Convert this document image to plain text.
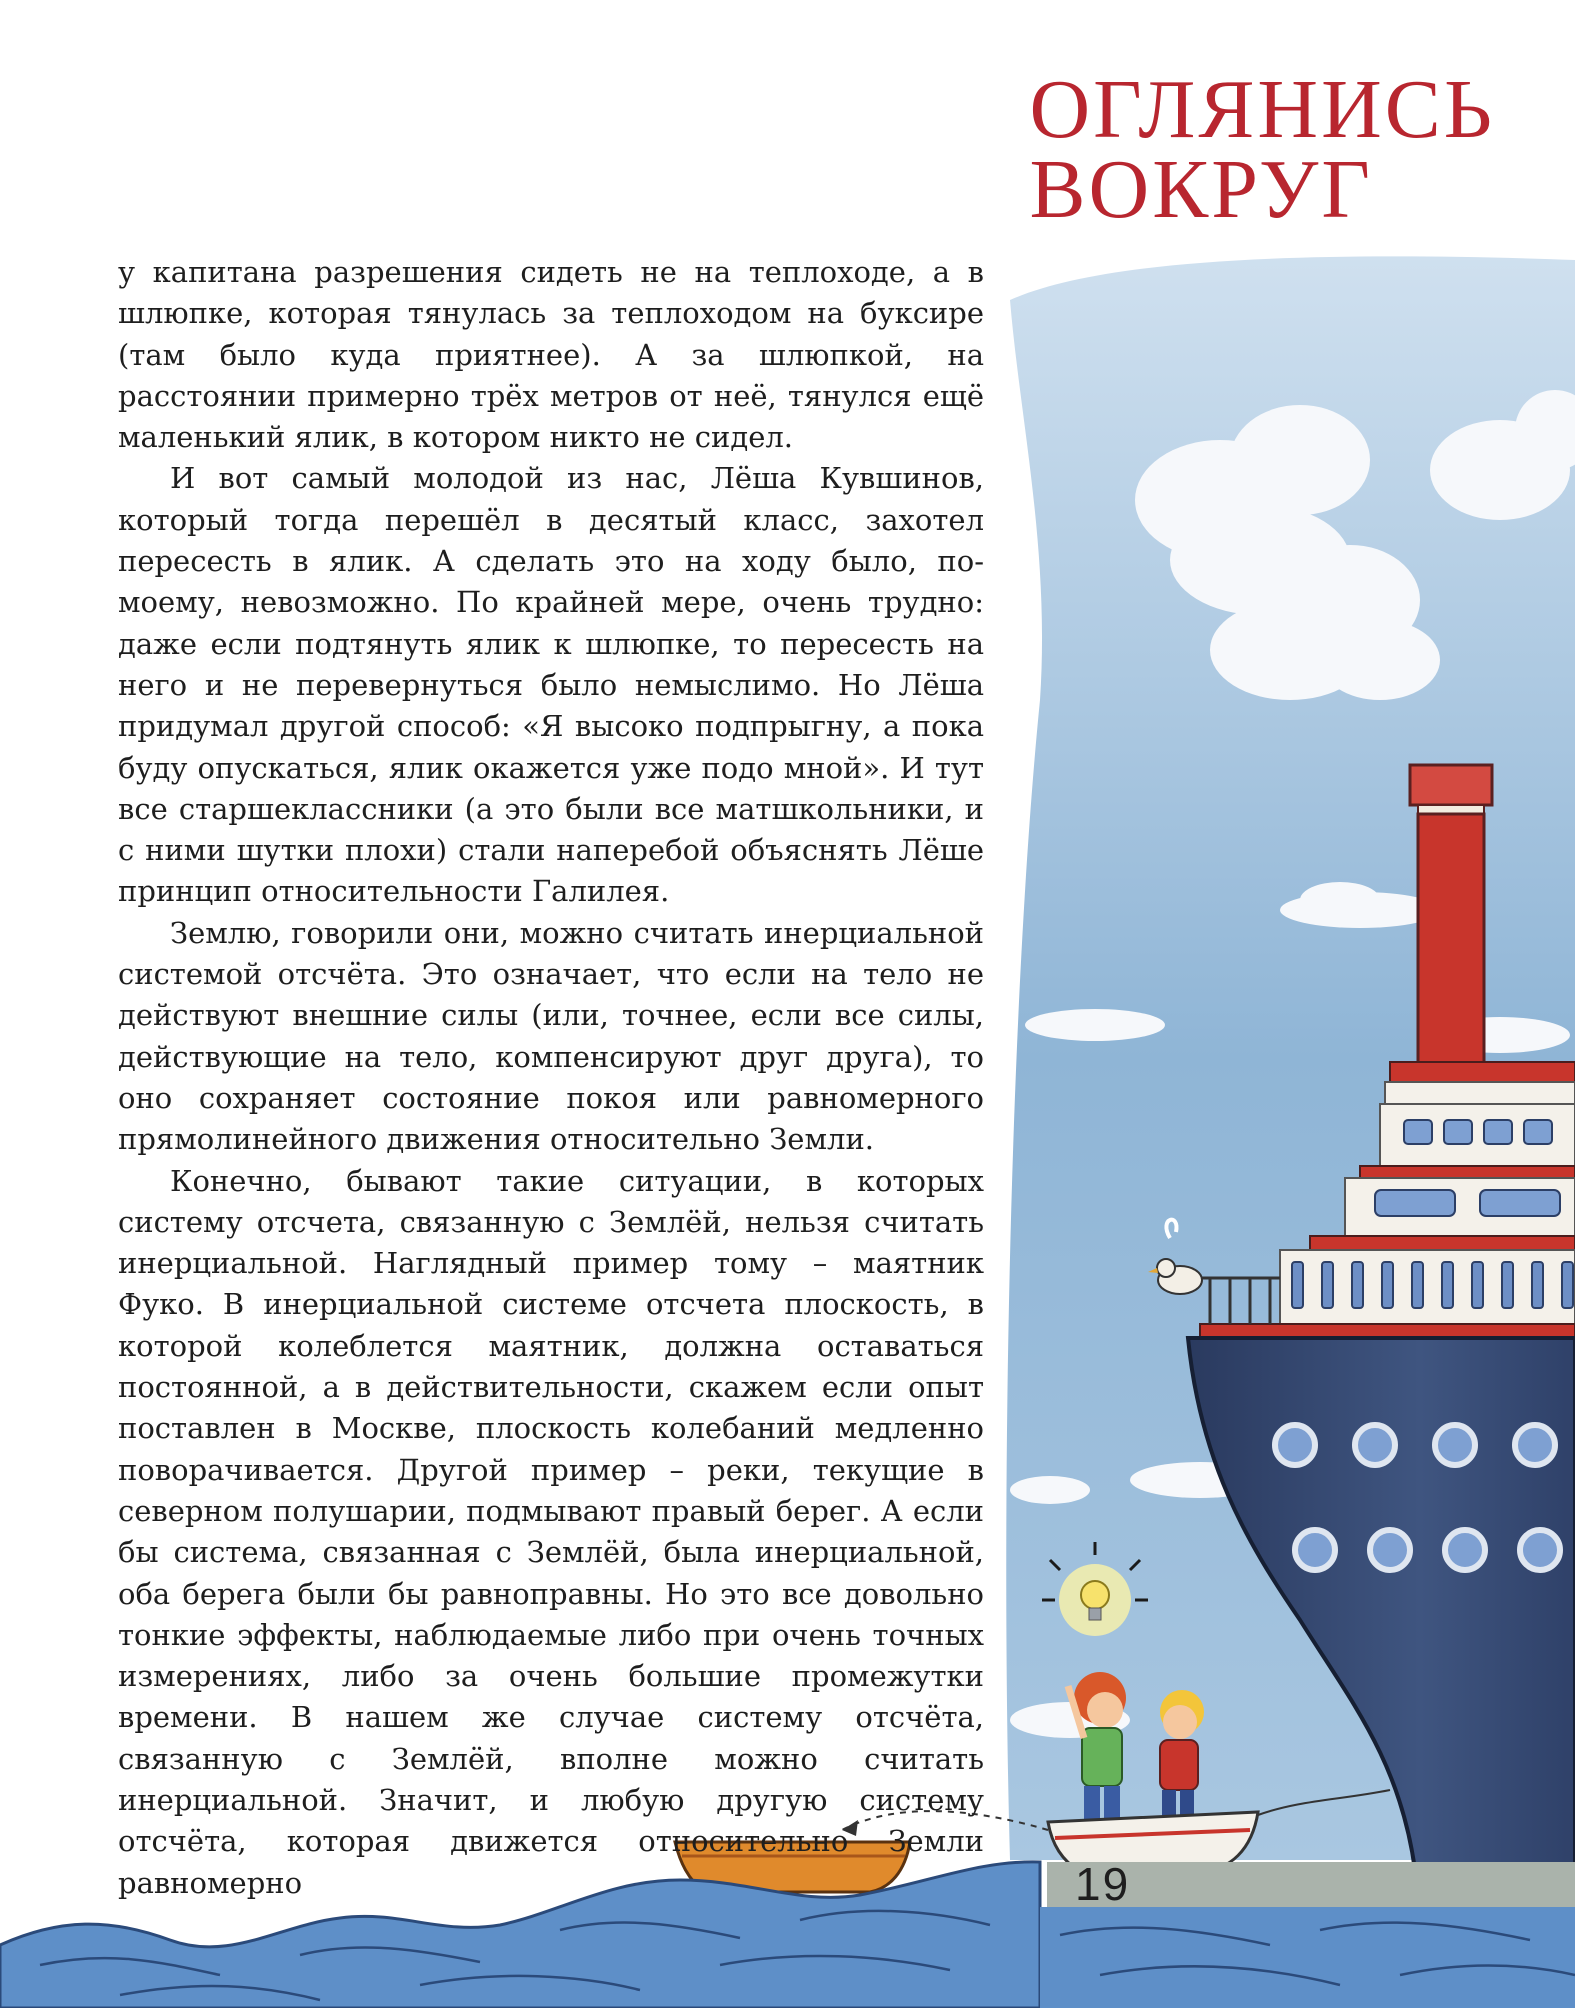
ОГЛЯНИСЬ
ВОКРУГ

у капитана разрешения сидеть не на теплоходе, а в шлюпке, которая тянулась за теплоходом на буксире (там было куда приятнее). А за шлюпкой, на расстоянии примерно трёх метров от неё, тянулся ещё маленький ялик, в котором никто не сидел.

И вот самый молодой из нас, Лёша Кувшинов, который тогда перешёл в десятый класс, захотел пересесть в ялик. А сделать это на ходу было, по-моему, невозможно. По крайней мере, очень трудно: даже если подтянуть ялик к шлюпке, то пересесть на него и не перевернуться было немыслимо. Но Лёша придумал другой способ: «Я высоко подпрыгну, а пока буду опускаться, ялик окажется уже подо мной». И тут все старшеклассники (а это были все матшкольники, и с ними шутки плохи) стали наперебой объяснять Лёше принцип относительности Галилея.

Землю, говорили они, можно считать инерциальной системой отсчёта. Это означает, что если на тело не действуют внешние силы (или, точнее, если все силы, действующие на тело, компенсируют друг друга), то оно сохраняет состояние покоя или равномерного прямолинейного движения относительно Земли.

Конечно, бывают такие ситуации, в которых систему отсчета, связанную с Землёй, нельзя считать инерциальной. Наглядный пример тому – маятник Фуко. В инерциальной системе отсчета плоскость, в которой колеблется маятник, должна оставаться постоянной, а в действительности, скажем если опыт поставлен в Москве, плоскость колебаний медленно поворачивается. Другой пример – реки, текущие в северном полушарии, подмывают правый берег. А если бы система, связанная с Землёй, была инерциальной, оба берега были бы равноправны. Но это все довольно тонкие эффекты, наблюдаемые либо при очень точных измерениях, либо за очень большие промежутки времени. В нашем же случае систему отсчёта, связанную с Землёй, вполне можно считать инерциальной. Значит, и любую другую систему отсчёта, которая движется относительно Земли равномерно	19
